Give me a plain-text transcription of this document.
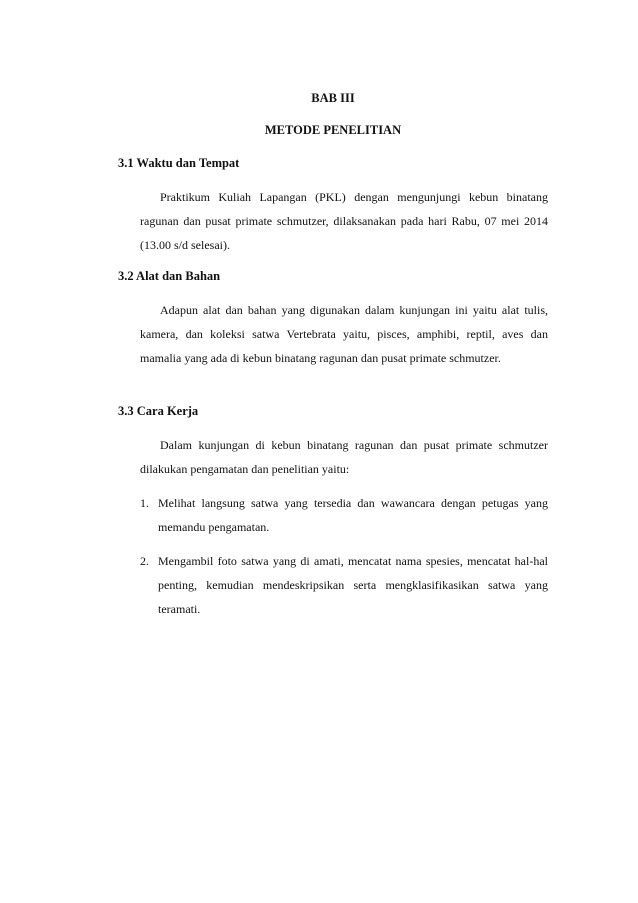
BAB III

METODE PENELITIAN

3.1 Waktu dan Tempat

Praktikum Kuliah Lapangan (PKL) dengan mengunjungi kebun binatang ragunan dan pusat primate schmutzer, dilaksanakan pada hari Rabu, 07 mei 2014 (13.00 s/d selesai).

3.2 Alat dan Bahan

Adapun alat dan bahan yang digunakan dalam kunjungan ini yaitu alat tulis, kamera, dan koleksi satwa Vertebrata yaitu, pisces, amphibi, reptil, aves dan mamalia yang ada di kebun binatang ragunan dan pusat primate schmutzer.

3.3 Cara Kerja

Dalam kunjungan di kebun binatang ragunan dan pusat primate schmutzer dilakukan pengamatan dan penelitian yaitu:

1. Melihat langsung satwa yang tersedia dan wawancara dengan petugas yang memandu pengamatan.
2. Mengambil foto satwa yang di amati, mencatat nama spesies, mencatat hal-hal penting, kemudian mendeskripsikan serta mengklasifikasikan satwa yang teramati.
